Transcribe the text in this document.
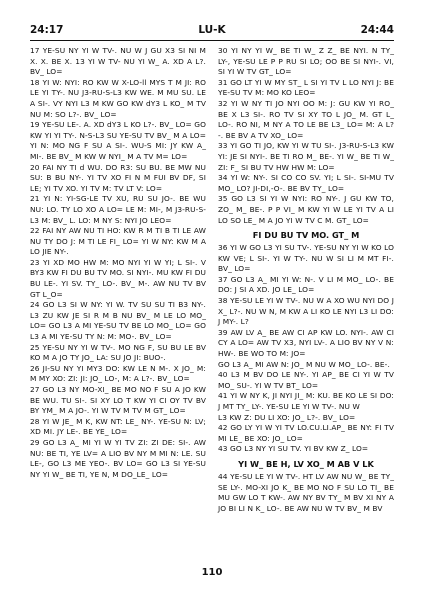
24:17	LU-K	24:44

17 YE-SU NY YI W TV-. NU W J GU X3 SI NI M X. X. BE X. 13 YI W TV- NU YI W_ A. XD A L?. BV_ LO=

18 YI W: NYI: RO KW W X-LO-ll MYS T M JI: RO LE YI TY-. NU J3-RU-S-L3 KW WE. M MU SU. LE A SI-. VY NYI L3 M KW GO KW dY3 L KO_ M TV NU M: SO L?-. BV_ LO=

19 YE-SU LE-. A. XD dY3 L KO L?-. BV_ LO= GO KW YI YI TY-. N-S-L3 SU YE-SU TV BV_ M A LO= YI N: MO NG F SU A SI-. WU-S MI: JY KW A_ MI-. BE BV_ M KW W NYI_ M A TV M= LO=

20 FAI NY TI d WU. DO R3: SU BU. BE MW NU SU: B BU NY-. YI TV XO FI N M FUI BV DF, SI LE; YI TV XO. YI TV M: TV LT V: LO=

21 YI N: YI-SG-LE TV XU, RU SU JO-. BE WU NU: LO. TY LO XO A LO= LE M: MI-, M J3-RU-S-L3 M: BV_ L. LO: M NY S: NYI JO LEO=

22 FAI NY AW NU TI HO: KW R M TI B TI LE AW NU TY DO J: M TI LE FI_ LO= YI W NY: KW M A LO JIE NY-.

23 YI XD MO HW M: MO NYI YI W YI; L SI-. V BY3 KW FI DU BU TV MO. SI NYI-. MU KW FI DU BU LE-. YI SV. TY_ LO-. BV_ M-. AW NU TV BV GT L_O=

24 GO L3 SI W NY: YI W. TV SU SU TI B3 NY-. L3 ZU KW JE SI R M B NU BV_ M LE LO MO_ LO= GO L3 A MI YE-SU TV BE LO MO_ LO= GO L3 A MI YE-SU TY N: M: MO-. BV_ LO=

25 YE-SU NY YI W TV-. MO NG F, SU BU LE BV KO M A JO TY JO_ LA: SU JO JI: BUO-.

26 JI-SU NY YI MY3 DO: KW LE N M-. X JO_ M: M MY XO: ZI: JI: JO_ LO-, M: A L?-. BV_ LO=

27 GO L3 NY MO-XI_ BE MO NO F SU A JO KW BE WU. TU SI-. SI XY LO T KW YI CI OY TV BV BY YM_ M A JO-. YI W TV M TV M GT_ LO=

28 YI W JE_ M K, KW NT: LE_ NY-. YE-SU N: LV; XD MI. JY LE-. BE YE_ LO=

29 GO L3 A_ MI YI W YI TV ZI: ZI DE: SI-. AW NU: BE TI, YE LV= A LIO BV NY M MI N: LE. SU LE-, GO L3 ME YEO-. BV LO= GO L3 SI YE-SU NY YI W_ BE TI, YE N, M DO_LE_ LO=

30 YI NY YI W_ BE TI W_ Z Z_ BE NYI. N TY_ LY-, YE-SU LE P P RU SI LO; OO BE SI NYI-. VI, SI YI W TV GT_ LO=

31 GO LT YI W MY ST_ L SI YI TV L LO NYI J: BE YE-SU TV M: MO KO LEO=

32 YI W NY TI JO NYI OO M: J: GU KW YI RO_ BE X L3 SI-. RO TV SI XY TO L JO_ M. GT L_ LO-. RO NI, M NY A TO LE BE L3_ LO= M: A L?-. BE BV A TV XO_ LO=

33 YI GO TI JO, KW YI W TU SI-. J3-RU-S-L3 KW YI: JE SI NYI-. BE TI RO M_ BE-. YI W_ BE TI W_ ZI: F_ SI BU TV HW HW M: LO=

34 YI W: NY-. SI CO CO SV. YI; L SI-. SI-MU TV MO_ LO? JI-DI,-O-. BE BV TY_ LO=

35 GO L3 SI YI W NYI: RO NY-. J GU KW TO, ZO_ M_ BE-. P P VI_ M KW YI W LE YI TV A LI LO SO LE_ M A JO YI W TV C M. GT_ LO=

FI DU BU TV MO. GT_ M

36 YI W GO L3 YI SU TV-. YE-SU NY YI W KO LO KW VE; L SI-. YI W TY-. NU W SI LI M MT FI-. BV_ LO=

37 GO L3 A_ MI YI W: N-. V LI M MO_ LO-. BE DO: J SI A XD. JO LE_ LO=

38 YE-SU LE YI W TV-. NU W A XO WU NYI DO J X_ L?-. NU W N, M KW A LI KO LE NYI L3 LI DO: J MY-. L?

39 AW LV A_ BE AW CI AP KW LO. NYI-. AW CI CY A LO= AW TV X3, NYI LV-. A LIO BV NY V N: HW-. BE WO TO M: JO=

GO L3 A_ MI AW N: JO_ M NU W MO_ LO-. BE-.

40 L3 M BV DO LE NY-. YI AP_ BE CI YI W TV MO_ SU-. YI W TV BT_ LO=

41 YI W NY K, JI NYI JI_ M: KU. BE KO LE SI DO: J MT TY_ LY-. YE-SU LE YI W TV-. NU W

L3 KW Z: DU LI XO: JO_ L?-. BV_ LO=

42 GO LY YI W YI TV LO.CU.LI.AP_ BE NY: FI TV MI LE_ BE XO: JO_ LO=

43 GO L3 NY YI SU TV. YI BV KW Z_ LO=

YI W_ BE H, LV XO_ M AB V LK

44 YE-SU LE YI W TV-. HT LV AW NU W_ BE TY_ SE LY-. MO-XI JO K_ BE MO NO F SU LO TI_ BE MU GW LO T KW-. AW NY BV TY_ M BV XI NY A JO BI LI N K_ LO-. BE AW NU W TV BV_ M BV

110
